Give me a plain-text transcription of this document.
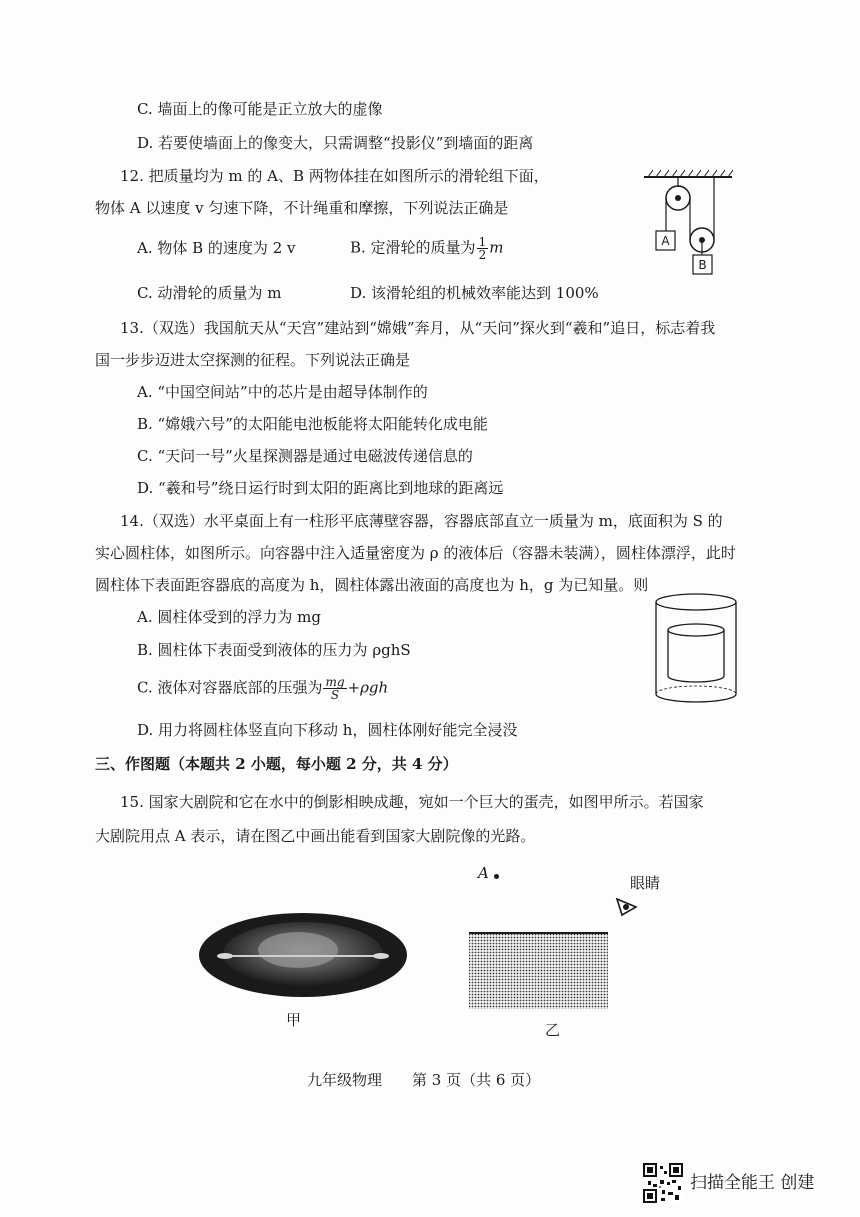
C. 墙面上的像可能是正立放大的虚像
D. 若要使墙面上的像变大，只需调整“投影仪”到墙面的距离
12. 把质量均为 m 的 A、B 两物体挂在如图所示的滑轮组下面，
物体 A 以速度 v 匀速下降，不计绳重和摩擦，下列说法正确是
A. 物体 B 的速度为 2 v	B. 定滑轮的质量为 $\frac{1}{2}$ m
C. 动滑轮的质量为 m	D. 该滑轮组的机械效率能达到 100%
A
B
13.（双选）我国航天从“天宫”建站到“嫦娥”奔月，从“天问”探火到“羲和”追日，标志着我
国一步步迈进太空探测的征程。下列说法正确是
A. “中国空间站”中的芯片是由超导体制作的
B. “嫦娥六号”的太阳能电池板能将太阳能转化成电能
C. “天问一号”火星探测器是通过电磁波传递信息的
D. “羲和号”绕日运行时到太阳的距离比到地球的距离远
14.（双选）水平桌面上有一柱形平底薄壁容器，容器底部直立一质量为 m，底面积为 S 的
实心圆柱体，如图所示。向容器中注入适量密度为 ρ 的液体后（容器未装满），圆柱体漂浮，此时
圆柱体下表面距容器底的高度为 h，圆柱体露出液面的高度也为 h，g 为已知量。则
A. 圆柱体受到的浮力为 mg
B. 圆柱体下表面受到液体的压力为 ρghS
C. 液体对容器底部的压强为 $\frac{mg}{S} +\rho gh$
D. 用力将圆柱体竖直向下移动 h，圆柱体刚好能完全浸没
三、作图题（本题共 2 小题，每小题 2 分，共 4 分）
15. 国家大剧院和它在水中的倒影相映成趣，宛如一个巨大的蛋壳，如图甲所示。若国家
大剧院用点 A 表示，请在图乙中画出能看到国家大剧院像的光路。
甲
A
眼睛
乙
九年级物理　　第 3 页（共 6 页）
扫描全能王 创建
